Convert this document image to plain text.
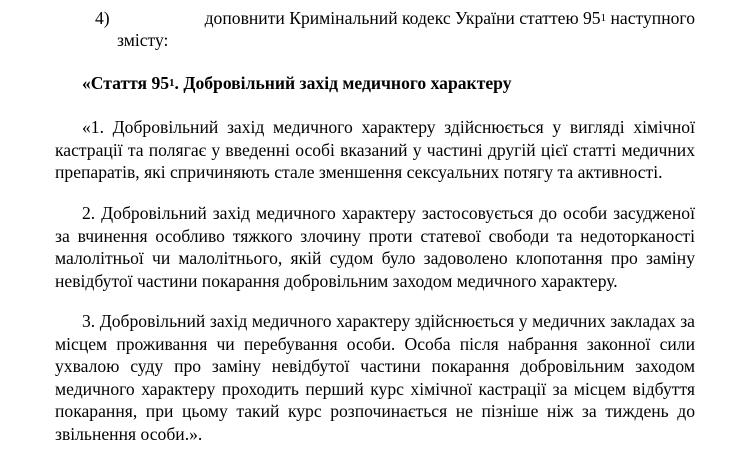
4)	доповнити Кримінальний кодекс України статтею $95^1$ наступного
змісту:
«Стаття $95^1$. Добровільний захід медичного характеру

«1. Добровільний захід медичного характеру здійснюється у вигляді хімічної кастрації та полягає у введенні особі вказаний у частині другій цієї статті медичних препаратів, які спричиняють стале зменшення сексуальних потягу та активності.

2. Добровільний захід медичного характеру застосовується до особи засудженої за вчинення особливо тяжкого злочину проти статевої свободи та недоторканості малолітньої чи малолітнього, якій судом було задоволено клопотання про заміну невідбутої частини покарання добровільним заходом медичного характеру.

3. Добровільний захід медичного характеру здійснюється у медичних закладах за місцем проживання чи перебування особи. Особа після набрання законної сили ухвалою суду про заміну невідбутої частини покарання добровільним заходом медичного характеру проходить перший курс хімічної кастрації за місцем відбуття покарання, при цьому такий курс розпочинається не пізніше ніж за тиждень до звільнення особи.».
